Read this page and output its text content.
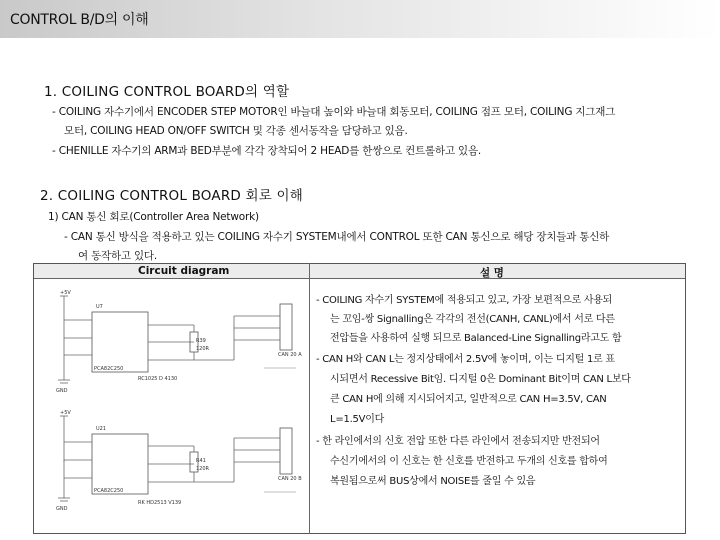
CONTROL B/D의 이해
1. COILING CONTROL BOARD의 역할
- COILING 자수기에서 ENCODER STEP MOTOR인 바늘대 높이와 바늘대 회동모터, COILING 점프 모터, COILING 지그재그
모터, COILING HEAD ON/OFF SWITCH 및 각종 센서동작을 담당하고 있음.
- CHENILLE 자수기의 ARM과 BED부분에 각각 장착되어 2 HEAD를 한쌍으로 컨트롤하고 있음.
2. COILING CONTROL BOARD 회로 이해
1) CAN 통신 회로(Controller Area Network)
- CAN 통신 방식을 적용하고 있는 COILING 자수기 SYSTEM내에서 CONTROL 또한 CAN 통신으로 해당 장치들과 통신하
여 동작하고 있다.
Circuit diagram	설 명
- COILING 자수기 SYSTEM에 적용되고 있고, 가장 보편적으로 사용되
는 꼬임-쌍 Signalling은 각각의 전선(CANH, CANL)에서 서로 다른
전압들을 사용하여 실행 되므로 Balanced-Line Signalling라고도 함
- CAN H와 CAN L는 정지상태에서 2.5V에 놓이며, 이는 디지털 1로 표
시되면서 Recessive Bit임. 디지털 0은 Dominant Bit이며 CAN L보다
큰 CAN H에 의해 지시되어지고, 일반적으로 CAN H=3.5V, CAN
L=1.5V이다
- 한 라인에서의 신호 전압 또한 다른 라인에서 전송되지만 반전되어
수신기에서의 이 신호는 한 신호를 반전하고 두개의 신호를 합하여
복원됨으로써 BUS상에서 NOISE를 줄일 수 있음
+5V
U7
PCA82C250
GND
R39
120R
CAN 20 A
RC1025 D 4130
+5V
U21
PCA82C250
GND
R41
120R
CAN 20 B
RK HD2513 V139
